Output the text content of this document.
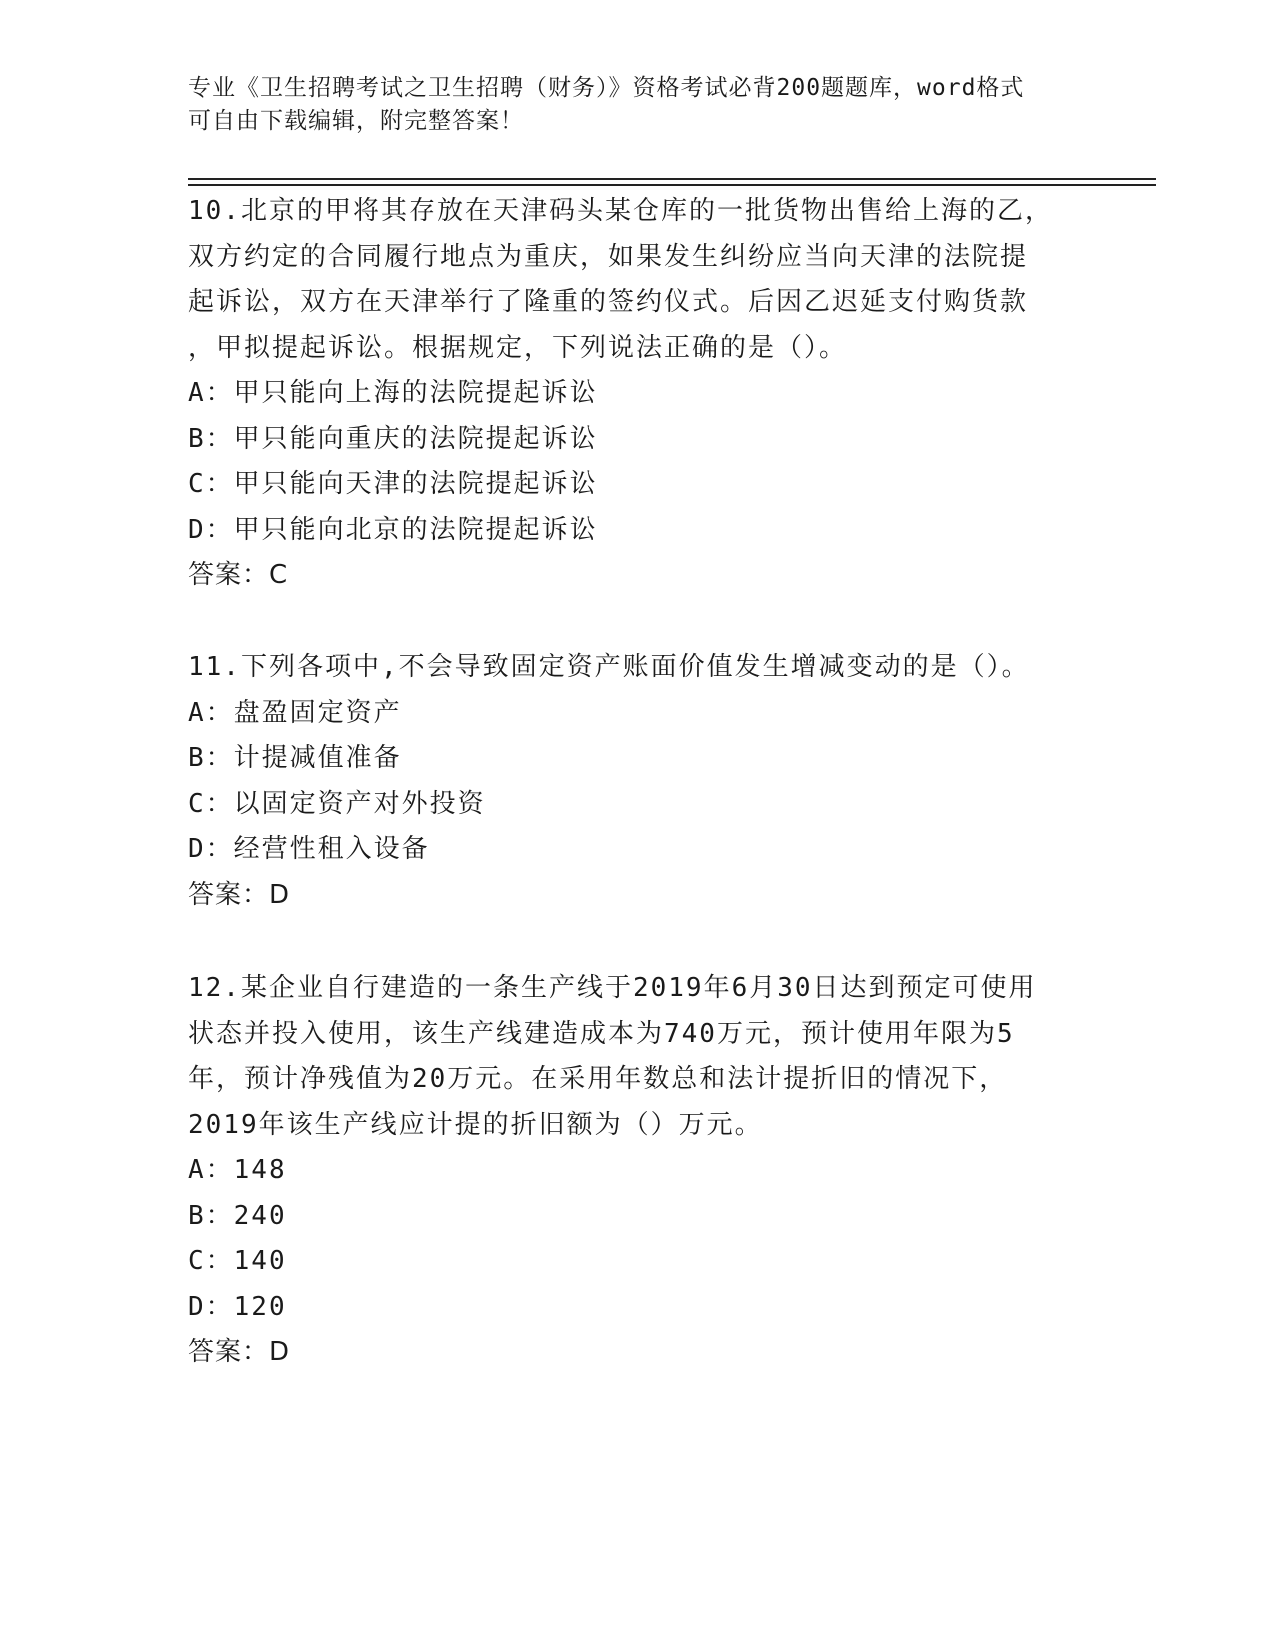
专业《卫生招聘考试之卫生招聘（财务）》资格考试必背200题题库，word格式
可自由下载编辑，附完整答案！
10.北京的甲将其存放在天津码头某仓库的一批货物出售给上海的乙，
双方约定的合同履行地点为重庆，如果发生纠纷应当向天津的法院提
起诉讼，双方在天津举行了隆重的签约仪式。后因乙迟延支付购货款
，甲拟提起诉讼。根据规定，下列说法正确的是（）。
A：甲只能向上海的法院提起诉讼
B：甲只能向重庆的法院提起诉讼
C：甲只能向天津的法院提起诉讼
D：甲只能向北京的法院提起诉讼
答案：C
11.下列各项中,不会导致固定资产账面价值发生增减变动的是（）。
A：盘盈固定资产
B：计提减值准备
C：以固定资产对外投资
D：经营性租入设备
答案：D
12.某企业自行建造的一条生产线于2019年6月30日达到预定可使用
状态并投入使用，该生产线建造成本为740万元，预计使用年限为5
年，预计净残值为20万元。在采用年数总和法计提折旧的情况下，
2019年该生产线应计提的折旧额为（）万元。
A：148
B：240
C：140
D：120
答案：D
